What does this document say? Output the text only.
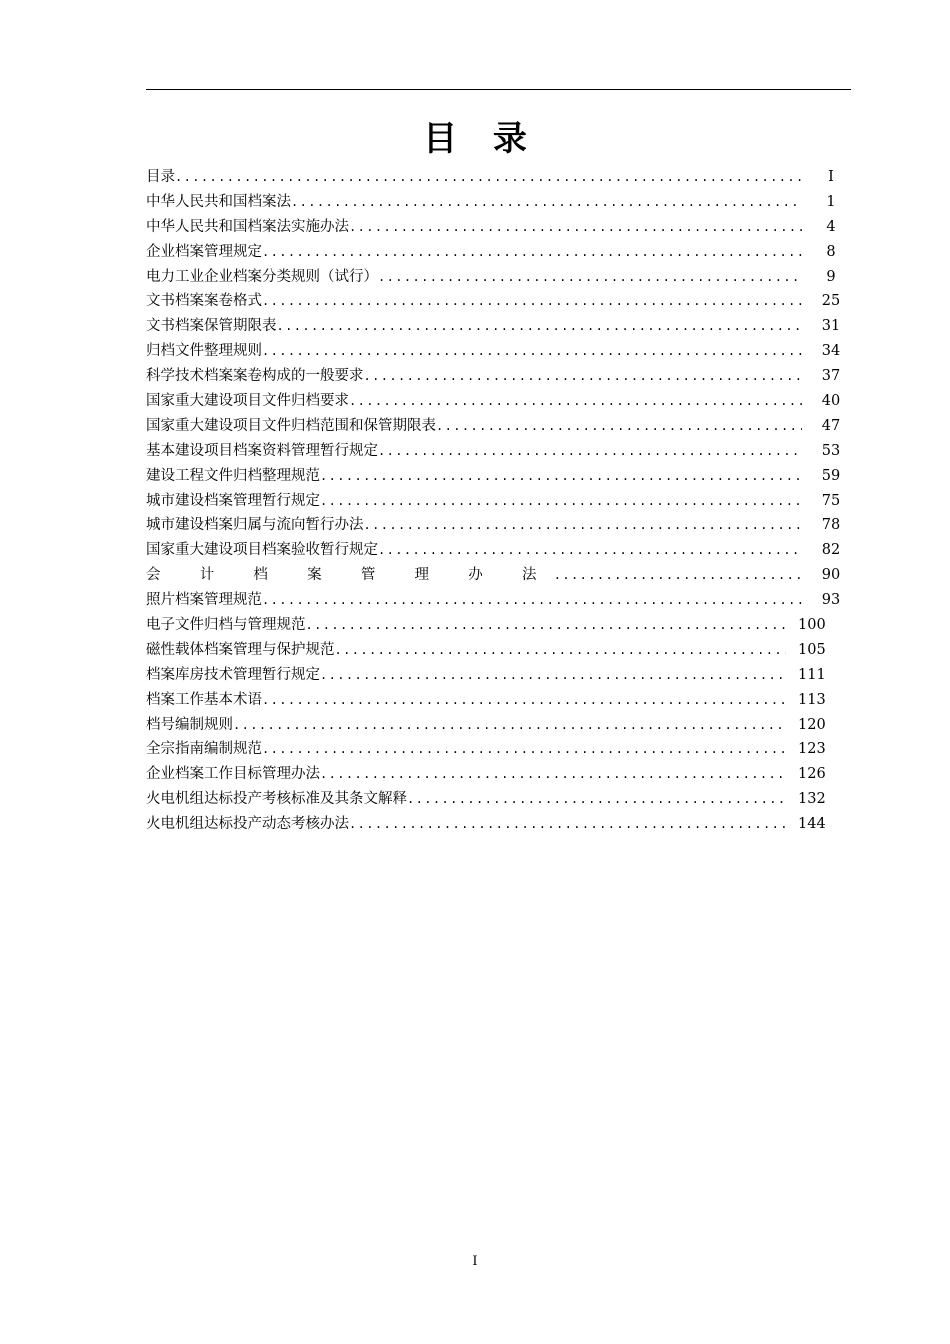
目 录
目录 .....	I
中华人民共和国档案法 .....	1
中华人民共和国档案法实施办法 .....	4
企业档案管理规定 .....	8
电力工业企业档案分类规则（试行） .....	9
文书档案案卷格式 .....	25
文书档案保管期限表 .....	31
归档文件整理规则 .....	34
科学技术档案案卷构成的一般要求 .....	37
国家重大建设项目文件归档要求 .....	40
国家重大建设项目文件归档范围和保管期限表 .....	47
基本建设项目档案资料管理暂行规定 .....	53
建设工程文件归档整理规范 .....	59
城市建设档案管理暂行规定 .....	75
城市建设档案归属与流向暂行办法 .....	78
国家重大建设项目档案验收暂行规定 .....	82
会 计 档 案 管 理 办 法 .....	90
照片档案管理规范 .....	93
电子文件归档与管理规范 .....	100
磁性载体档案管理与保护规范 .....	105
档案库房技术管理暂行规定 .....	111
档案工作基本术语 .....	113
档号编制规则 .....	120
全宗指南编制规范 .....	123
企业档案工作目标管理办法 .....	126
火电机组达标投产考核标准及其条文解释 .....	132
火电机组达标投产动态考核办法 .....	144
I
